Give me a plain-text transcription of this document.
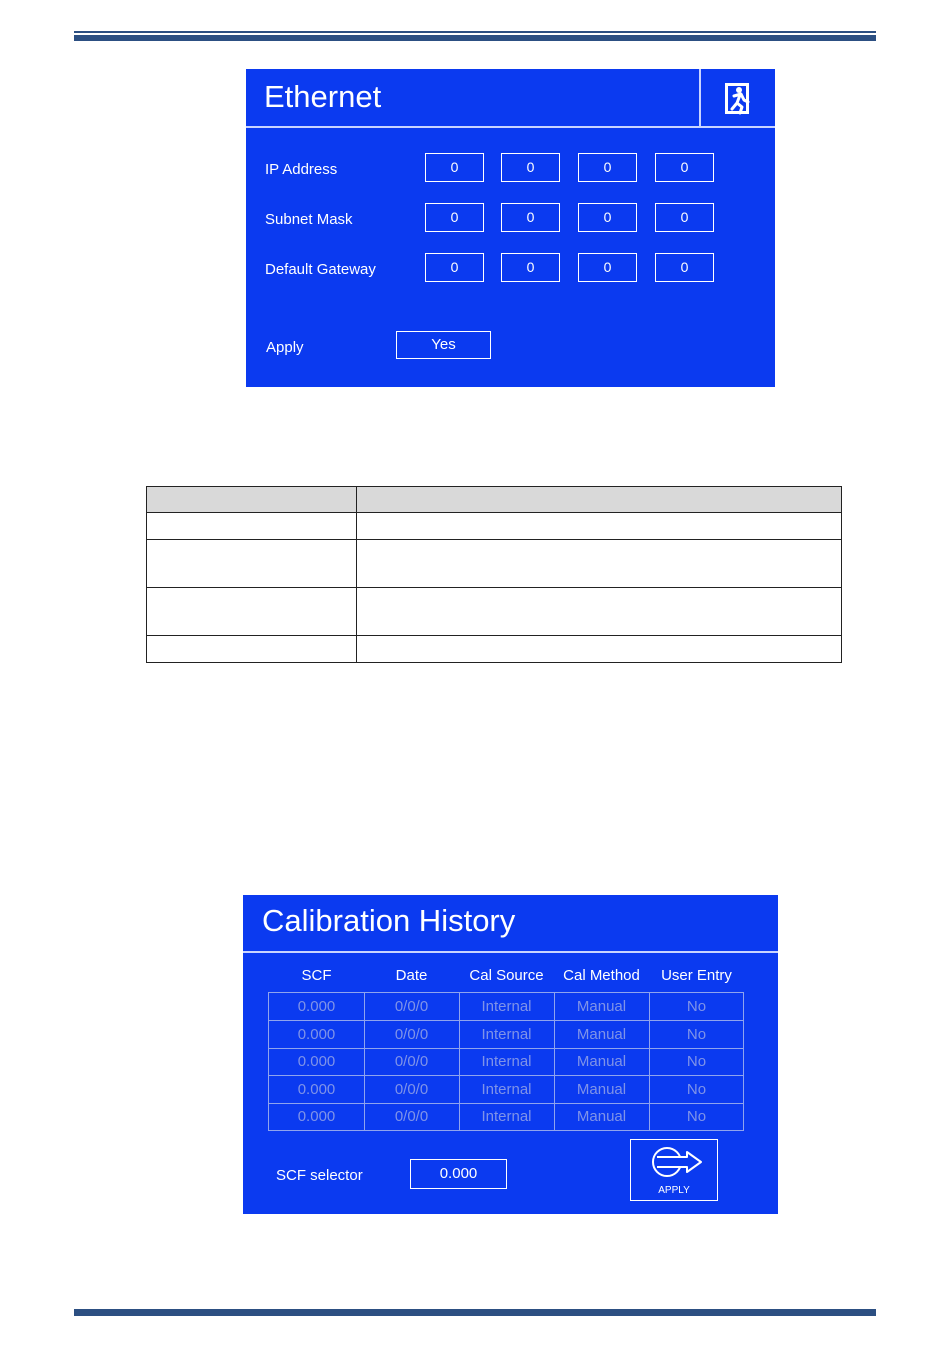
Ethernet
IP Address	0	0	0	0
Subnet Mask	0	0	0	0
Default Gateway	0	0	0	0
Apply	Yes

Calibration History
SCF	Date	Cal Source	Cal Method	User Entry
0.000	0/0/0	Internal	Manual	No
0.000	0/0/0	Internal	Manual	No
0.000	0/0/0	Internal	Manual	No
0.000	0/0/0	Internal	Manual	No
0.000	0/0/0	Internal	Manual	No
SCF selector	0.000
APPLY
